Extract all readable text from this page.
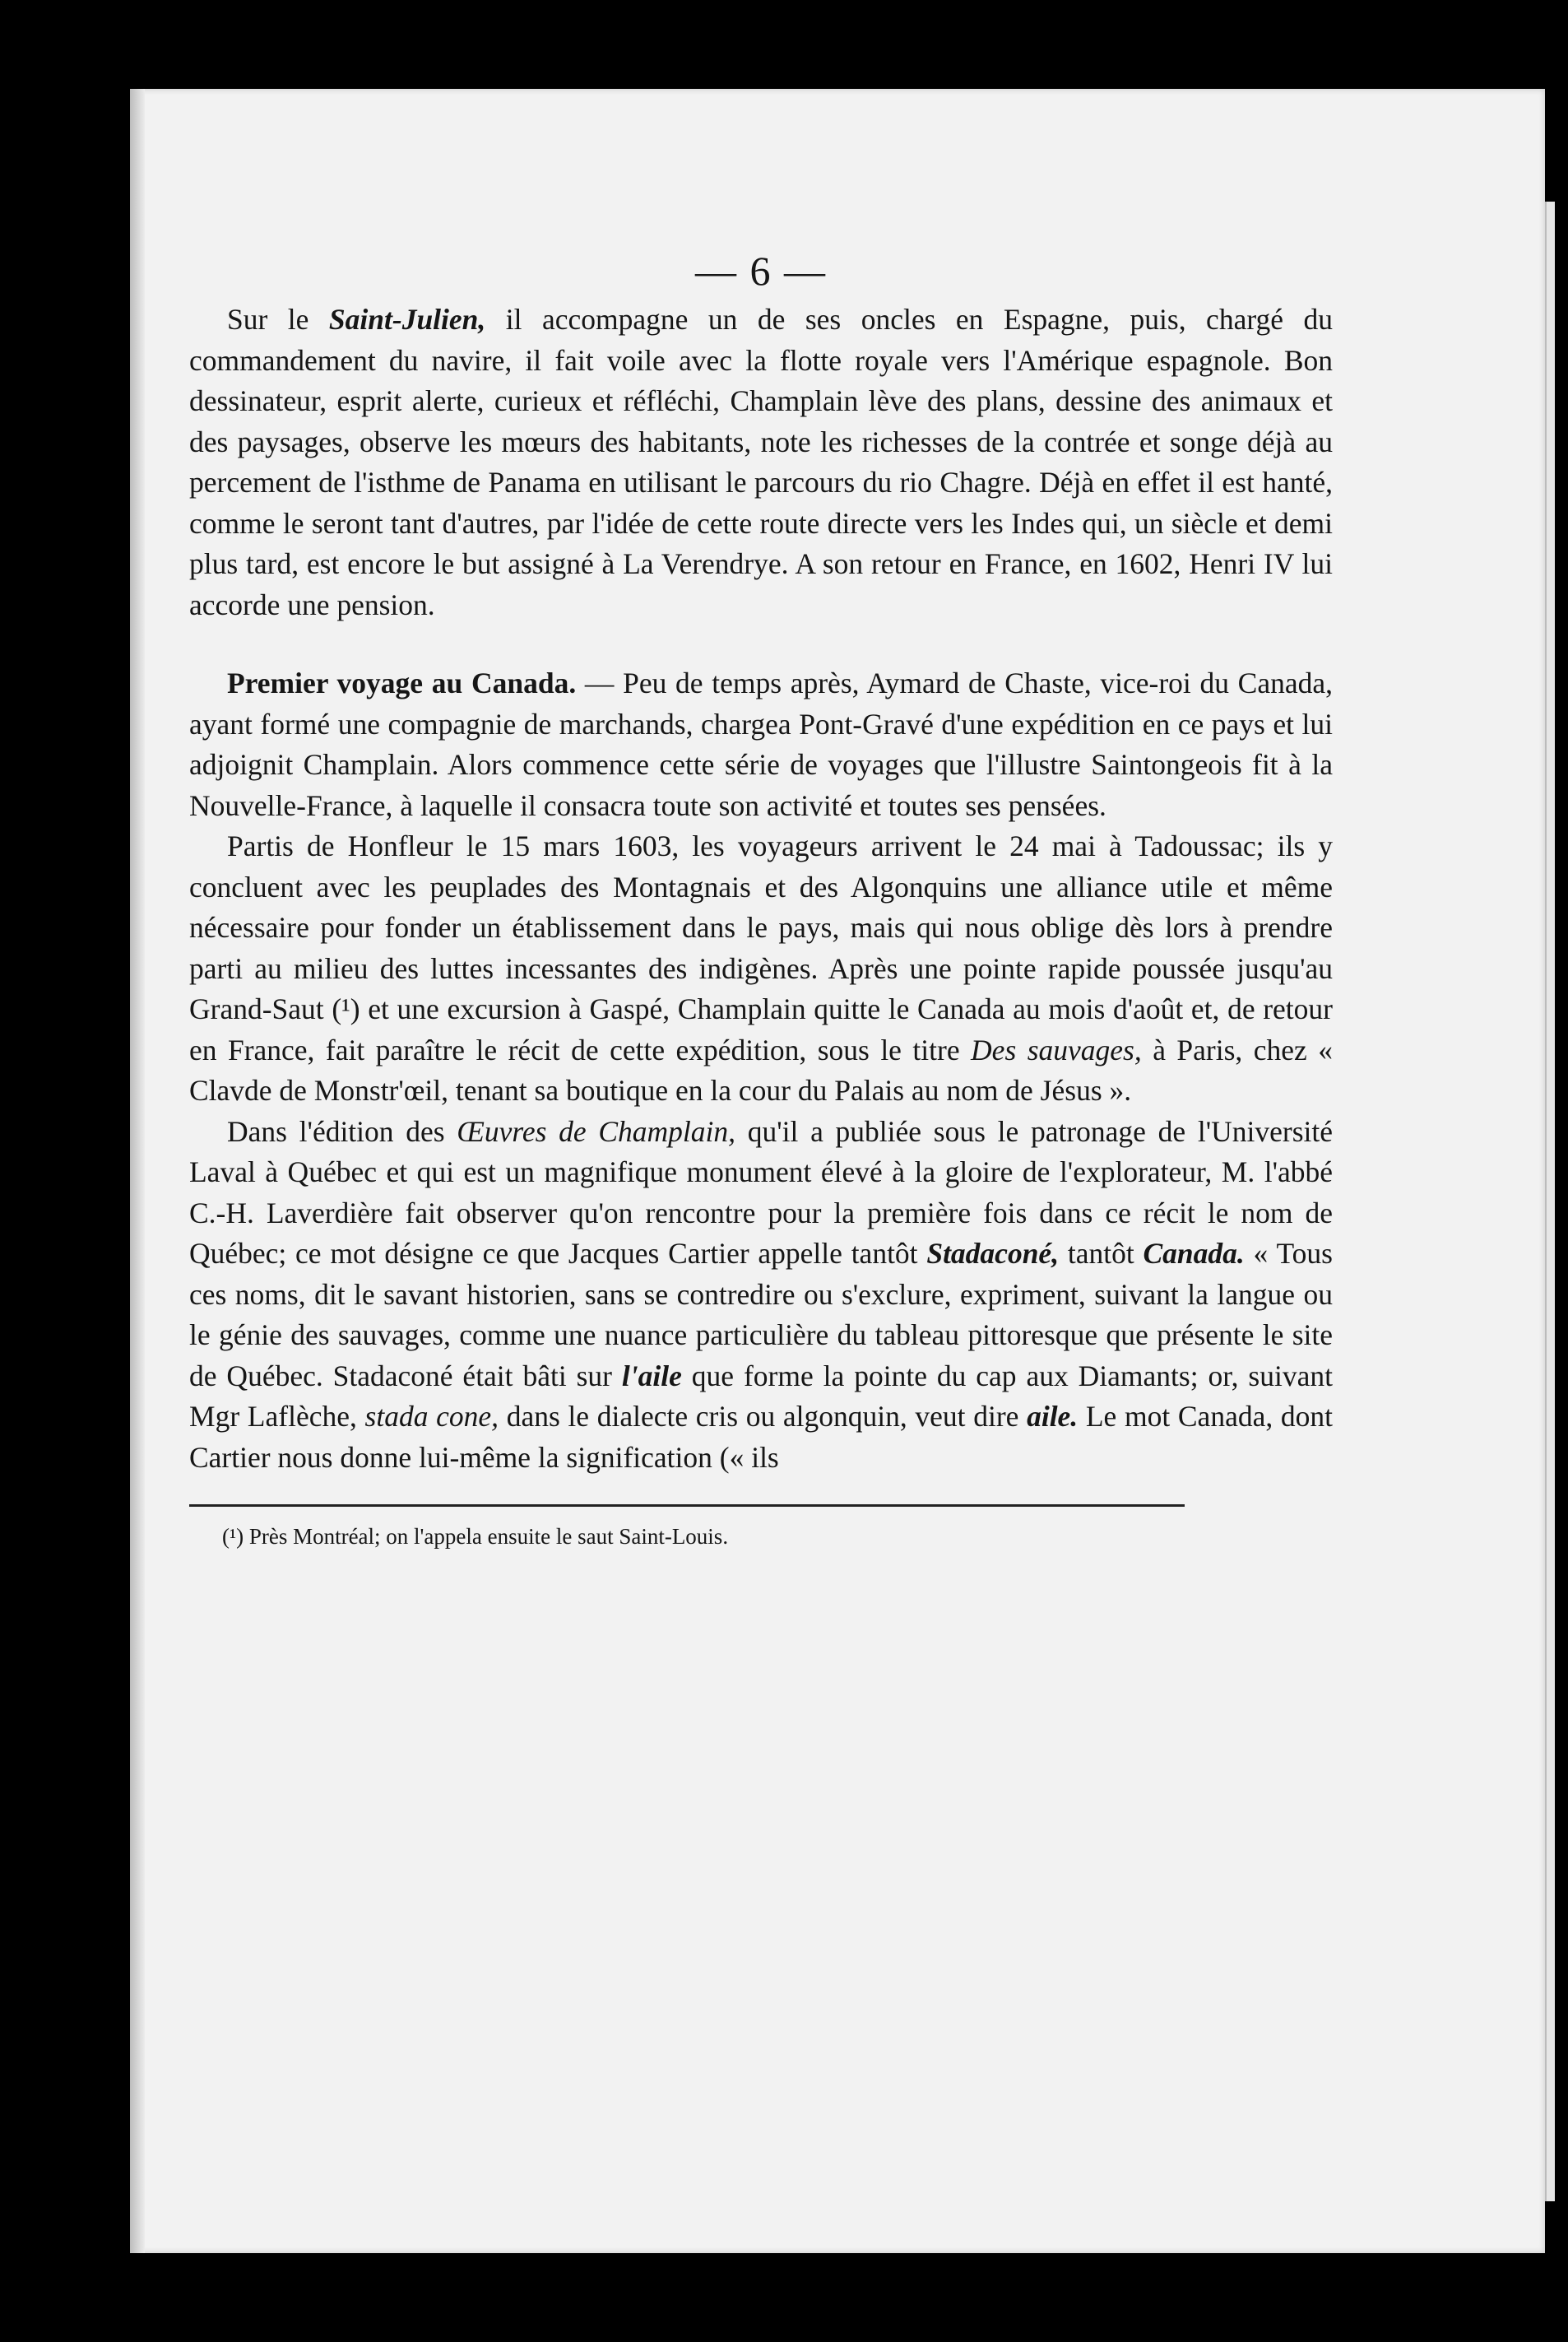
— 6 —

Sur le Saint-Julien, il accompagne un de ses oncles en Espagne, puis, chargé du commandement du navire, il fait voile avec la flotte royale vers l'Amérique espagnole. Bon dessinateur, esprit alerte, curieux et réfléchi, Champlain lève des plans, dessine des animaux et des paysages, observe les mœurs des habitants, note les richesses de la contrée et songe déjà au percement de l'isthme de Panama en utilisant le parcours du rio Chagre. Déjà en effet il est hanté, comme le seront tant d'autres, par l'idée de cette route directe vers les Indes qui, un siècle et demi plus tard, est encore le but assigné à La Verendrye. A son retour en France, en 1602, Henri IV lui accorde une pension.

Premier voyage au Canada. — Peu de temps après, Aymard de Chaste, vice-roi du Canada, ayant formé une compagnie de marchands, chargea Pont-Gravé d'une expédition en ce pays et lui adjoignit Champlain. Alors commence cette série de voyages que l'illustre Saintongeois fit à la Nouvelle-France, à laquelle il consacra toute son activité et toutes ses pensées.

Partis de Honfleur le 15 mars 1603, les voyageurs arrivent le 24 mai à Tadoussac; ils y concluent avec les peuplades des Montagnais et des Algonquins une alliance utile et même nécessaire pour fonder un établissement dans le pays, mais qui nous oblige dès lors à prendre parti au milieu des luttes incessantes des indigènes. Après une pointe rapide poussée jusqu'au Grand-Saut (¹) et une excursion à Gaspé, Champlain quitte le Canada au mois d'août et, de retour en France, fait paraître le récit de cette expédition, sous le titre Des sauvages, à Paris, chez « Clavde de Monstr'œil, tenant sa boutique en la cour du Palais au nom de Jésus ».

Dans l'édition des Œuvres de Champlain, qu'il a publiée sous le patronage de l'Université Laval à Québec et qui est un magnifique monument élevé à la gloire de l'explorateur, M. l'abbé C.-H. Laverdière fait observer qu'on rencontre pour la première fois dans ce récit le nom de Québec; ce mot désigne ce que Jacques Cartier appelle tantôt Stadaconé, tantôt Canada. « Tous ces noms, dit le savant historien, sans se contredire ou s'exclure, expriment, suivant la langue ou le génie des sauvages, comme une nuance particulière du tableau pittoresque que présente le site de Québec. Stadaconé était bâti sur l'aile que forme la pointe du cap aux Diamants; or, suivant Mgr Laflèche, stada cone, dans le dialecte cris ou algonquin, veut dire aile. Le mot Canada, dont Cartier nous donne lui-même la signification (« ils

(¹) Près Montréal; on l'appela ensuite le saut Saint-Louis.
